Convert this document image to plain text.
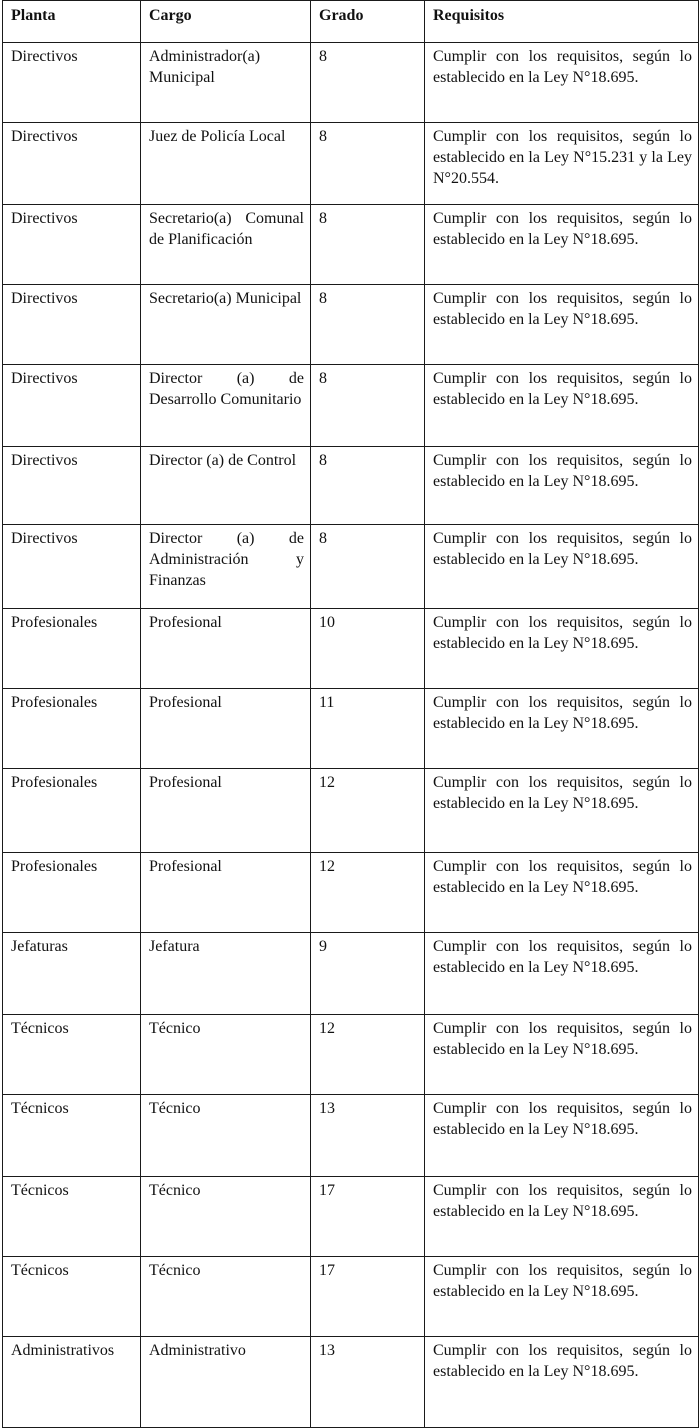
Planta	Cargo	Grado	Requisitos
Directivos	Administrador(a) Municipal	8	Cumplir con los requisitos, según lo establecido en la Ley N°18.695.
Directivos	Juez de Policía Local	8	Cumplir con los requisitos, según lo establecido en la Ley N°15.231 y la Ley N°20.554.
Directivos	Secretario(a) Comunal de Planificación	8	Cumplir con los requisitos, según lo establecido en la Ley N°18.695.
Directivos	Secretario(a) Municipal	8	Cumplir con los requisitos, según lo establecido en la Ley N°18.695.
Directivos	Director (a) de Desarrollo Comunitario	8	Cumplir con los requisitos, según lo establecido en la Ley N°18.695.
Directivos	Director (a) de Control	8	Cumplir con los requisitos, según lo establecido en la Ley N°18.695.
Directivos	Director (a) de Administración y Finanzas	8	Cumplir con los requisitos, según lo establecido en la Ley N°18.695.
Profesionales	Profesional	10	Cumplir con los requisitos, según lo establecido en la Ley N°18.695.
Profesionales	Profesional	11	Cumplir con los requisitos, según lo establecido en la Ley N°18.695.
Profesionales	Profesional	12	Cumplir con los requisitos, según lo establecido en la Ley N°18.695.
Profesionales	Profesional	12	Cumplir con los requisitos, según lo establecido en la Ley N°18.695.
Jefaturas	Jefatura	9	Cumplir con los requisitos, según lo establecido en la Ley N°18.695.
Técnicos	Técnico	12	Cumplir con los requisitos, según lo establecido en la Ley N°18.695.
Técnicos	Técnico	13	Cumplir con los requisitos, según lo establecido en la Ley N°18.695.
Técnicos	Técnico	17	Cumplir con los requisitos, según lo establecido en la Ley N°18.695.
Técnicos	Técnico	17	Cumplir con los requisitos, según lo establecido en la Ley N°18.695.
Administrativos	Administrativo	13	Cumplir con los requisitos, según lo establecido en la Ley N°18.695.
